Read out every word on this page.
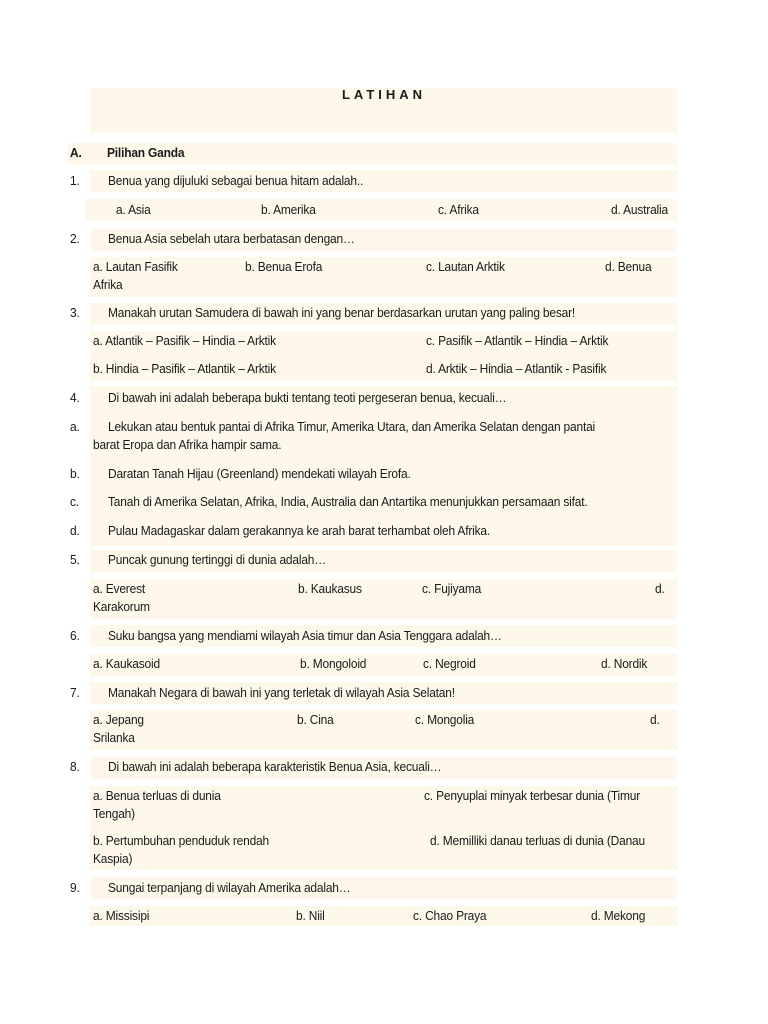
LATIHAN
A. Pilihan Ganda
1. Benua yang dijuluki sebagai benua hitam adalah..
a. Asia	b. Amerika	c. Afrika	d. Australia
2. Benua Asia sebelah utara berbatasan dengan…
a. Lautan Fasifik	b. Benua Erofa	c. Lautan Arktik	d. Benua
Afrika
3. Manakah urutan Samudera di bawah ini yang benar berdasarkan urutan yang paling besar!
a. Atlantik – Pasifik – Hindia – Arktik	c. Pasifik – Atlantik – Hindia – Arktik
b. Hindia – Pasifik – Atlantik – Arktik	d. Arktik – Hindia – Atlantik - Pasifik
4. Di bawah ini adalah beberapa bukti tentang teoti pergeseran benua, kecuali…
a. Lekukan atau bentuk pantai di Afrika Timur, Amerika Utara, dan Amerika Selatan dengan pantai
barat Eropa dan Afrika hampir sama.
b. Daratan Tanah Hijau (Greenland) mendekati wilayah Erofa.
c. Tanah di Amerika Selatan, Afrika, India, Australia dan Antartika menunjukkan persamaan sifat.
d. Pulau Madagaskar dalam gerakannya ke arah barat terhambat oleh Afrika.
5. Puncak gunung tertinggi di dunia adalah…
a. Everest	b. Kaukasus	c. Fujiyama	d.
Karakorum
6. Suku bangsa yang mendiami wilayah Asia timur dan Asia Tenggara adalah…
a. Kaukasoid	b. Mongoloid	c. Negroid	d. Nordik
7. Manakah Negara di bawah ini yang terletak di wilayah Asia Selatan!
a. Jepang	b. Cina	c. Mongolia	d.
Srilanka
8. Di bawah ini adalah beberapa karakteristik Benua Asia, kecuali…
a. Benua terluas di dunia	c. Penyuplai minyak terbesar dunia (Timur
Tengah)
b. Pertumbuhan penduduk rendah	d. Memilliki danau terluas di dunia (Danau
Kaspia)
9. Sungai terpanjang di wilayah Amerika adalah…
a. Missisipi	b. Niil	c. Chao Praya	d. Mekong
